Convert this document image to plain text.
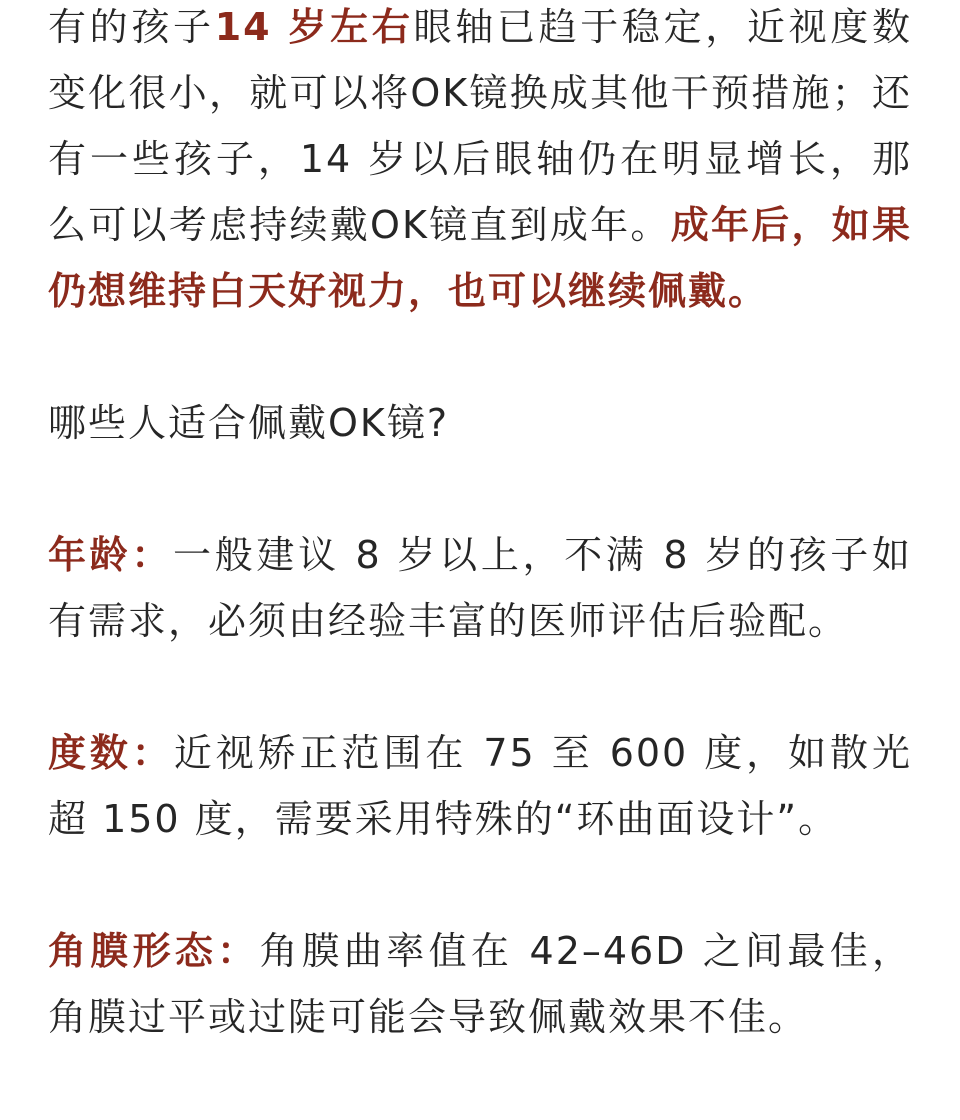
有的孩子14 岁左右眼轴已趋于稳定，近视度数变化很小，就可以将OK镜换成其他干预措施；还有一些孩子，14 岁以后眼轴仍在明显增长，那么可以考虑持续戴OK镜直到成年。成年后，如果仍想维持白天好视力，也可以继续佩戴。

哪些人适合佩戴OK镜?

年龄：一般建议 8 岁以上，不满 8 岁的孩子如有需求，必须由经验丰富的医师评估后验配。

度数：近视矫正范围在 75 至 600 度，如散光超 150 度，需要采用特殊的“环曲面设计”。

角膜形态：角膜曲率值在 42–46D 之间最佳，角膜过平或过陡可能会导致佩戴效果不佳。
